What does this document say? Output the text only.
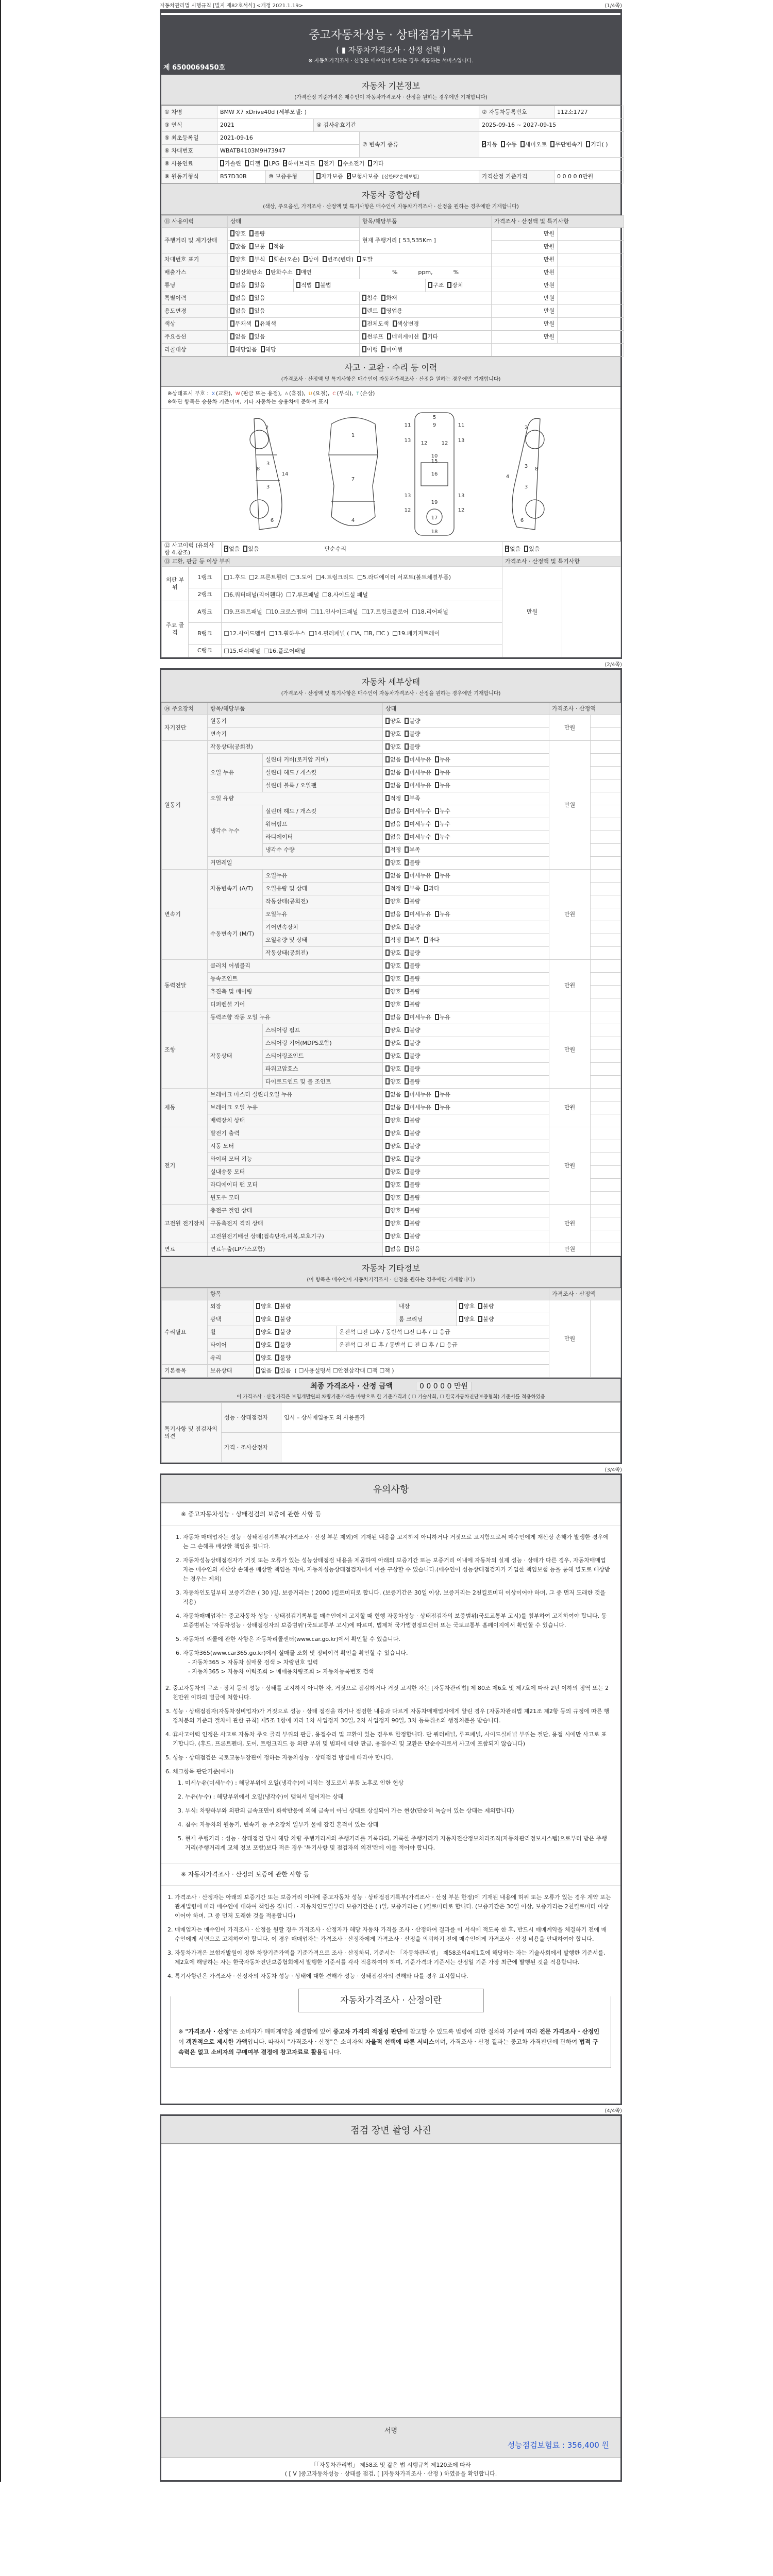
자동차관리법 시행규칙 [별지 제82호서식] <개정 2021.1.19>	(1/4쪽)
중고자동차성능 · 상태점검기록부
( ▮ 자동차가격조사 · 산정 선택 )
※ 자동차가격조사 · 산정은 매수인이 원하는 경우 제공하는 서비스입니다.
제 6500069450호
자동차 기본정보
(가격산정 기준가격은 매수인이 자동차가격조사 · 산정을 원하는 경우에만 기재합니다)
① 차명	BMW X7 xDrive40d (세부모델: )				② 자동차등록번호	112소1727
③ 연식	2021		④ 검사유효기간		2025-09-16 ~ 2027-09-15	
⑤ 최초등록일	2021-09-16			⑦ 변속기 종류	✓자동 수동 세미오토 무단변속기 기타( )
⑥ 차대번호	WBATB4103M9H73947					
⑧ 사용연료	가솔린 디젤 LPG ✓ 하이브리드 전기 수소전기 기타
⑨ 원동기형식	B57D30B	⑩ 보증유형	자가보증 ✓ 보험사보증 [신한EZ손해보험]		가격산정 기준가격	0 0 0 0 0만원
자동차 종합상태
(색상, 주요옵션, 가격조사 · 산정액 및 특기사항은 매수인이 자동차가격조사 · 산정을 원하는 경우에만 기재합니다)
⑪ 사용이력	상태		항목/해당부품		가격조사 · 산정액 및 특기사항	
주행거리 및 계기상태	양호 불량		현재 주행거리 [ 53,535Km ]		만원	
	많음 보통 적음				만원	
차대번호 표기	양호 부식 훼손(오손) 상이 변조(변타) 도말				만원	
배출가스	일산화탄소 탄화수소 매연		% ppm, %		만원	
튜닝	없음 있음	적법 불법		구조 장치	만원	
특별이력	없음 있음		침수 화재		만원	
용도변경	없음 있음		렌트 영업용		만원	
색상	무채색 유채색		전체도색 색상변경		만원	
주요옵션	없음 있음		썬루프 네비게이션 기타		만원	
리콜대상	해당없음 해당		이행 미이행			
사고 · 교환 · 수리 등 이력
(가격조사 · 산정액 및 특기사항은 매수인이 자동차가격조사 · 산정을 원하는 경우에만 기재합니다)
※상태표시 부호 : X (교환), W (판금 또는 용접), A (흠집), U (요철), C (부식), T (손상)
※하단 항목은 승용차 기준이며, 기타 자동차는 승용차에 준하여 표시
2
8
3
3
14
6
1
7
4
5
9
11	11
13	13
12	12
10
15
16
13	13
19
17
12	12
18
2
8
3
3
4
6
⑫ 사고이력 (유의사항 4.참조)	✓없음 있음 단순수리	✓없음 있음
⑬ 교환, 판금 등 이상 부위			가격조사 · 산정액 및 특기사항	
외판 부위	1랭크	1.후드 2.프론트휀더 3.도어 4.트렁크리드 5.라디에이터 서포트(볼트체결부품)	만원	
	2랭크	6.쿼터패널(리어휀다) 7.루프패널 8.사이드실 패널		
주요 골격	A랭크	9.프론트패널 10.크로스멤버 11.인사이드패널 17.트렁크플로어 18.리어패널		
	B랭크	12.사이드멤버 13.휠하우스 14.필러패널 ( ☐A, ☐B, ☐C ) 19.패키지트레이		
	C랭크	15.대쉬패널 16.플로어패널		
(2/4쪽)
자동차 세부상태
(가격조사 · 산정액 및 특기사항은 매수인이 자동차가격조사 · 산정을 원하는 경우에만 기재합니다)
⑭ 주요장치	항목/해당부품		상태	가격조사 · 산정액	
자기진단	원동기		양호 불량	만원	
	변속기		양호 불량		
원동기	작동상태(공회전)		양호 불량	만원	
	오일 누유	실린더 커버(로커암 커버)	없음 미세누유 누유		
		실린더 헤드 / 개스킷	없음 미세누유 누유		
		실린더 블록 / 오일팬	없음 미세누유 누유		
	오일 유량		적정 부족		
	냉각수 누수	실린더 헤드 / 개스킷	없음 미세누수 누수		
		워터펌프	없음 미세누수 누수		
		라디에이터	없음 미세누수 누수		
		냉각수 수량	적정 부족		
	커먼레일		양호 불량		
변속기	자동변속기 (A/T)	오일누유	없음 미세누유 누유	만원	
		오일유량 및 상태	적정 부족 과다		
		작동상태(공회전)	양호 불량		
	수동변속기 (M/T)	오일누유	없음 미세누유 누유		
		기어변속장치	양호 불량		
		오일유량 및 상태	적정 부족 과다		
		작동상태(공회전)	양호 불량		
동력전달	클러치 어셈블리		양호 불량	만원	
	등속조인트		양호 불량		
	추진축 및 베어링		양호 불량		
	디퍼렌셜 기어		양호 불량		
조향	동력조향 작동 오일 누유		없음 미세누유 누유	만원	
	작동상태	스티어링 펌프	양호 불량		
		스티어링 기어(MDPS포함)	양호 불량		
		스티어링조인트	양호 불량		
		파워고압호스	양호 불량		
		타이로드엔드 및 볼 조인트	양호 불량		
제동	브레이크 마스터 실린더오일 누유		없음 미세누유 누유	만원	
	브레이크 오일 누유		없음 미세누유 누유		
	배력장치 상태		양호 불량		
전기	발전기 출력		양호 불량	만원	
	시동 모터		양호 불량		
	와이퍼 모터 기능		양호 불량		
	실내송풍 모터		양호 불량		
	라디에이터 팬 모터		양호 불량		
	윈도우 모터		양호 불량		
고전원 전기장치	충전구 절연 상태		양호 불량	만원	
	구동축전지 격리 상태		양호 불량		
	고전원전기배선 상태(접속단자,피복,보호기구)		양호 불량		
연료	연료누출(LP가스포함)		없음 있음	만원	
자동차 기타정보
(이 항목은 매수인이 자동차가격조사 · 산정을 원하는 경우에만 기재합니다)
	항목					가격조사 · 산정액	
수리필요	외장	양호 불량		내장	양호 불량	만원	
	광택	양호 불량		룸 크리닝	양호 불량		
	휠	양호 불량	운전석 ☐전 ☐후 / 동반석 ☐전 ☐후 / ☐ 응급				
	타이어	양호 불량	운전석 ☐ 전 ☐ 후 / 동반석 ☐ 전 ☐ 후 / ☐ 응급				
	유리	양호 불량					
기본품목	보유상태	없음 있음 ( ☐사용설명서 ☐안전삼각대 ☐잭 ☐잭 )					
최종 가격조사 · 산정 금액	0 0 0 0 0 만원
이 가격조사 · 산정가격은 보험개발원의 차량기준가액을 바탕으로 한 기준가격과 ( ☐ 기술사회, ☐ 한국자동차진단보증협회) 기준서를 적용하였음
특기사항 및 점검자의 의견	성능 · 상태점검자	임시 – 상사매입용도 외 사용불가
	가격 · 조사산정자	
(3/4쪽)
유의사항
※ 중고자동차성능 · 상태점검의 보증에 관한 사항 등
1. 자동차 매매업자는 성능 · 상태점검기록부(가격조사 · 산정 부분 제외)에 기재된 내용을 고지하지 아니하거나 거짓으로 고지함으로써 매수인에게 재산상 손해가 발생한 경우에는 그 손해를 배상할 책임을 집니다.
2. 자동차성능상태점검자가 거짓 또는 오류가 있는 성능상태점검 내용을 제공하여 아래의 보증기간 또는 보증거리 이내에 자동차의 실제 성능 · 상태가 다른 경우, 자동차매매업자는 매수인의 재산상 손해를 배상할 책임을 지며, 자동차성능상태점검자에게 이를 구상할 수 있습니다.(매수인이 성능상태점검자가 가입한 책임보험 등을 통해 별도로 배상받는 경우는 제외)
3. 자동차인도일부터 보증기간은 ( 30 )일, 보증거리는 ( 2000 )킬로미터로 합니다. (보증기간은 30일 이상, 보증거리는 2천킬로미터 이상이어야 하며, 그 중 먼저 도래한 것을 적용)
4. 자동차매매업자는 중고자동차 성능 · 상태점검기록부를 매수인에게 고지할 때 현행 자동차성능 · 상태점검자의 보증범위(국토교통부 고시)를 첨부하여 고지하여야 합니다. 동 보증범위는 '자동차성능 · 상태점검자의 보증범위'(국토교통부 고시)에 따르며, 법제처 국가법령정보센터 또는 국토교통부 홈페이지에서 확인할 수 있습니다.
5. 자동차의 리콜에 관한 사항은 자동차리콜센터(www.car.go.kr)에서 확인할 수 있습니다.
6. 자동차365(www.car365.go.kr)에서 실매물 조회 및 정비이력 확인을 확인할 수 있습니다.
- 자동차365 > 자동차 실매물 검색 > 차량번호 입력
- 자동차365 > 자동차 이력조회 > 매매용차량조회 > 자동차등록번호 검색
2. 중고자동차의 구조 · 장치 등의 성능 · 상태를 고지하지 아니한 자, 거짓으로 점검하거나 거짓 고지한 자는 [자동차관리법] 제 80조 제6호 및 제7호에 따라 2년 이하의 징역 또는 2천만원 이하의 벌금에 처합니다.
3. 성능 · 상태점검자(자동차정비업자)가 거짓으로 성능 · 상태 점검을 하거나 점검한 내용과 다르게 자동차매매업자에게 알린 경우 [자동차관리법 제21조 제2항 등의 규정에 따른 행정처분의 기준과 절차에 관한 규칙] 제5조 1항에 따라 1차 사업정지 30일, 2차 사업정지 90일, 3차 등록취소의 행정처분을 받습니다.
4. ⑫사고이력 인정은 사고로 자동차 주요 골격 부위의 판금, 용접수리 및 교환이 있는 경우로 한정합니다. 단 쿼터패널, 루프패널, 사이드실패널 부위는 절단, 용접 시에만 사고로 표기합니다. (후드, 프론트펜더, 도어, 트렁크리드 등 외판 부위 및 범퍼에 대한 판금, 용접수리 및 교환은 단순수리로서 사고에 포함되지 않습니다)
5. 성능 · 상태점검은 국토교통부장관이 정하는 자동차성능 · 상태점검 방법에 따라야 합니다.
6. 체크항목 판단기준(예시)
1. 미세누유(미세누수) : 해당부위에 오일(냉각수)이 비치는 정도로서 부품 노후로 인한 현상
2. 누유(누수) : 해당부위에서 오일(냉각수)이 맺혀서 떨어지는 상태
3. 부식: 차량하부와 외판의 금속표면이 화학반응에 의해 금속이 아닌 상태로 상실되어 가는 현상(단순히 녹슬어 있는 상태는 제외합니다)
4. 침수: 자동차의 원동기, 변속기 등 주요장치 일부가 물에 잠긴 흔적이 있는 상태
5. 현재 주행거리 : 성능 · 상태점검 당시 해당 차량 주행거리계의 주행거리를 기록하되, 기록한 주행거리가 자동차전산정보처리조직(자동차관리정보시스템)으로부터 받은 주행거리(주행거리계 교체 정보 포함)보다 적은 경우 '특기사항 및 점검자의 의견'란에 이를 적어야 합니다.
※ 자동차가격조사 · 산정의 보증에 관한 사항 등
1. 가격조사 · 산정자는 아래의 보증기간 또는 보증거리 이내에 중고자동차 성능 · 상태점검기록부(가격조사 · 산정 부분 한정)에 기재된 내용에 허위 또는 오류가 있는 경우 계약 또는 관계법령에 따라 매수인에 대하여 책임을 집니다. · 자동차인도일부터 보증기간은 ( )일, 보증거리는 ( )킬로미터로 합니다. (보증기간은 30일 이상, 보증거리는 2천킬로미터 이상이어야 하며, 그 중 먼저 도래한 것을 적용합니다)
2. 매매업자는 매수인이 가격조사 · 산정을 원할 경우 가격조사 · 산정자가 해당 자동차 가격을 조사 · 산정하여 결과를 이 서식에 적도록 한 후, 반드시 매매계약을 체결하기 전에 매수인에게 서면으로 고지하여야 합니다. 이 경우 매매업자는 가격조사 · 산정자에게 가격조사 · 산정을 의뢰하기 전에 매수인에게 가격조사 · 산정 비용을 안내하여야 합니다.
3. 자동차가격은 보험개발원이 정한 차량기준가액을 기준가격으로 조사 · 산정하되, 기준서는 「자동차관리법」 제58조의4제1호에 해당하는 자는 기술사회에서 발행한 기준서를, 제2호에 해당하는 자는 한국자동차진단보증협회에서 발행한 기준서를 각각 적용하여야 하며, 기준가격과 기준서는 산정일 기준 가장 최근에 발행된 것을 적용합니다.
4. 특기사항란은 가격조사 · 산정자의 자동차 성능 · 상태에 대한 견해가 성능 · 상태점검자의 견해와 다를 경우 표시합니다.
자동차가격조사 · 산정이란
※ "가격조사 · 산정"은 소비자가 매매계약을 체결함에 있어 중고차 가격의 적절성 판단에 참고할 수 있도록 법령에 의한 절차와 기준에 따라 전문 가격조사 · 산정인이 객관적으로 제시한 가액입니다. 따라서 "가격조사 · 산정"은 소비자의 자율적 선택에 따른 서비스이며, 가격조사 · 산정 결과는 중고차 가격판단에 관하여 법적 구속력은 없고 소비자의 구매여부 결정에 참고자료로 활용됩니다.
(4/4쪽)
점검 장면 촬영 사진
서명
성능점검보험료 : 356,400 원
「「자동차관리법」 제58조 및 같은 법 시행규칙 제120조에 따라
( [ V ]중고자동차성능 · 상태를 점검, [ ]자동차가격조사 · 산정 ) 하였음을 확인합니다.
